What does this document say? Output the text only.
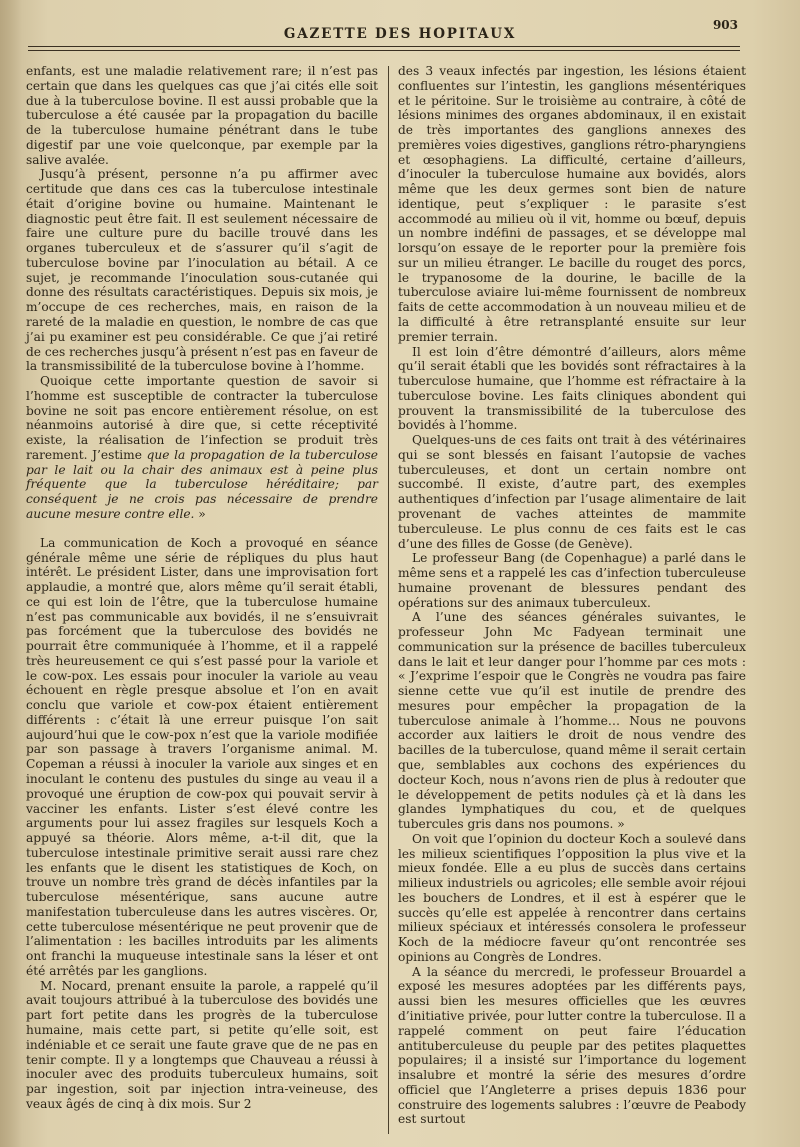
GAZETTE DES HOPITAUX
903

enfants, est une maladie relativement rare; il n’est pas certain que dans les quelques cas que j’ai cités elle soit due à la tuberculose bovine. Il est aussi probable que la tuberculose a été causée par la propagation du bacille de la tuberculose humaine pénétrant dans le tube digestif par une voie quelconque, par exemple par la salive avalée.

Jusqu’à présent, personne n’a pu affirmer avec certitude que dans ces cas la tuberculose intestinale était d’origine bovine ou humaine. Maintenant le diagnostic peut être fait. Il est seulement nécessaire de faire une culture pure du bacille trouvé dans les organes tuberculeux et de s’assurer qu’il s’agit de tuberculose bovine par l’inoculation au bétail. A ce sujet, je recommande l’inoculation sous-cutanée qui donne des résultats caractéristiques. Depuis six mois, je m’occupe de ces recherches, mais, en raison de la rareté de la maladie en question, le nombre de cas que j’ai pu examiner est peu considérable. Ce que j’ai retiré de ces recherches jusqu’à présent n’est pas en faveur de la transmissibilité de la tuberculose bovine à l’homme.

Quoique cette importante question de savoir si l’homme est susceptible de contracter la tuberculose bovine ne soit pas encore entièrement résolue, on est néanmoins autorisé à dire que, si cette réceptivité existe, la réalisation de l’infection se produit très rarement. J’estime que la propagation de la tuberculose par le lait ou la chair des animaux est à peine plus fréquente que la tuberculose héréditaire; par conséquent je ne crois pas nécessaire de prendre aucune mesure contre elle. »

La communication de Koch a provoqué en séance générale même une série de répliques du plus haut intérêt. Le président Lister, dans une improvisation fort applaudie, a montré que, alors même qu’il serait établi, ce qui est loin de l’être, que la tuberculose humaine n’est pas communicable aux bovidés, il ne s’ensuivrait pas forcément que la tuberculose des bovidés ne pourrait être communiquée à l’homme, et il a rappelé très heureusement ce qui s’est passé pour la variole et le cow-pox. Les essais pour inoculer la variole au veau échouent en règle presque absolue et l’on en avait conclu que variole et cow-pox étaient entièrement différents : c’était là une erreur puisque l’on sait aujourd’hui que le cow-pox n’est que la variole modifiée par son passage à travers l’organisme animal. M. Copeman a réussi à inoculer la variole aux singes et en inoculant le contenu des pustules du singe au veau il a provoqué une éruption de cow-pox qui pouvait servir à vacciner les enfants. Lister s’est élevé contre les arguments pour lui assez fragiles sur lesquels Koch a appuyé sa théorie. Alors même, a-t-il dit, que la tuberculose intestinale primitive serait aussi rare chez les enfants que le disent les statistiques de Koch, on trouve un nombre très grand de décès infantiles par la tuberculose mésentérique, sans aucune autre manifestation tuberculeuse dans les autres viscères. Or, cette tuberculose mésentérique ne peut provenir que de l’alimentation : les bacilles introduits par les aliments ont franchi la muqueuse intestinale sans la léser et ont été arrêtés par les ganglions.

M. Nocard, prenant ensuite la parole, a rappelé qu’il avait toujours attribué à la tuberculose des bovidés une part fort petite dans les progrès de la tuberculose humaine, mais cette part, si petite qu’elle soit, est indéniable et ce serait une faute grave que de ne pas en tenir compte. Il y a longtemps que Chauveau a réussi à inoculer avec des produits tuberculeux humains, soit par ingestion, soit par injection intra-veineuse, des veaux âgés de cinq à dix mois. Sur 2

des 3 veaux infectés par ingestion, les lésions étaient confluentes sur l’intestin, les ganglions mésentériques et le péritoine. Sur le troisième au contraire, à côté de lésions minimes des organes abdominaux, il en existait de très importantes des ganglions annexes des premières voies digestives, ganglions rétro-pharyngiens et œsophagiens. La difficulté, certaine d’ailleurs, d’inoculer la tuberculose humaine aux bovidés, alors même que les deux germes sont bien de nature identique, peut s’expliquer : le parasite s’est accommodé au milieu où il vit, homme ou bœuf, depuis un nombre indéfini de passages, et se développe mal lorsqu’on essaye de le reporter pour la première fois sur un milieu étranger. Le bacille du rouget des porcs, le trypanosome de la dourine, le bacille de la tuberculose aviaire lui-même fournissent de nombreux faits de cette accommodation à un nouveau milieu et de la difficulté à être retransplanté ensuite sur leur premier terrain.

Il est loin d’être démontré d’ailleurs, alors même qu’il serait établi que les bovidés sont réfractaires à la tuberculose humaine, que l’homme est réfractaire à la tuberculose bovine. Les faits cliniques abondent qui prouvent la transmissibilité de la tuberculose des bovidés à l’homme.

Quelques-uns de ces faits ont trait à des vétérinaires qui se sont blessés en faisant l’autopsie de vaches tuberculeuses, et dont un certain nombre ont succombé. Il existe, d’autre part, des exemples authentiques d’infection par l’usage alimentaire de lait provenant de vaches atteintes de mammite tuberculeuse. Le plus connu de ces faits est le cas d’une des filles de Gosse (de Genève).

Le professeur Bang (de Copenhague) a parlé dans le même sens et a rappelé les cas d’infection tuberculeuse humaine provenant de blessures pendant des opérations sur des animaux tuberculeux.

A l’une des séances générales suivantes, le professeur John Mc Fadyean terminait une communication sur la présence de bacilles tuberculeux dans le lait et leur danger pour l’homme par ces mots : « J’exprime l’espoir que le Congrès ne voudra pas faire sienne cette vue qu’il est inutile de prendre des mesures pour empêcher la propagation de la tuberculose animale à l’homme… Nous ne pouvons accorder aux laitiers le droit de nous vendre des bacilles de la tuberculose, quand même il serait certain que, semblables aux cochons des expériences du docteur Koch, nous n’avons rien de plus à redouter que le développement de petits nodules çà et là dans les glandes lymphatiques du cou, et de quelques tubercules gris dans nos poumons. »

On voit que l’opinion du docteur Koch a soulevé dans les milieux scientifiques l’opposition la plus vive et la mieux fondée. Elle a eu plus de succès dans certains milieux industriels ou agricoles; elle semble avoir réjoui les bouchers de Londres, et il est à espérer que le succès qu’elle est appelée à rencontrer dans certains milieux spéciaux et intéressés consolera le professeur Koch de la médiocre faveur qu’ont rencontrée ses opinions au Congrès de Londres.

A la séance du mercredi, le professeur Brouardel a exposé les mesures adoptées par les différents pays, aussi bien les mesures officielles que les œuvres d’initiative privée, pour lutter contre la tuberculose. Il a rappelé comment on peut faire l’éducation antituberculeuse du peuple par des petites plaquettes populaires; il a insisté sur l’importance du logement insalubre et montré la série des mesures d’ordre officiel que l’Angleterre a prises depuis 1836 pour construire des logements salubres : l’œuvre de Peabody est surtout
